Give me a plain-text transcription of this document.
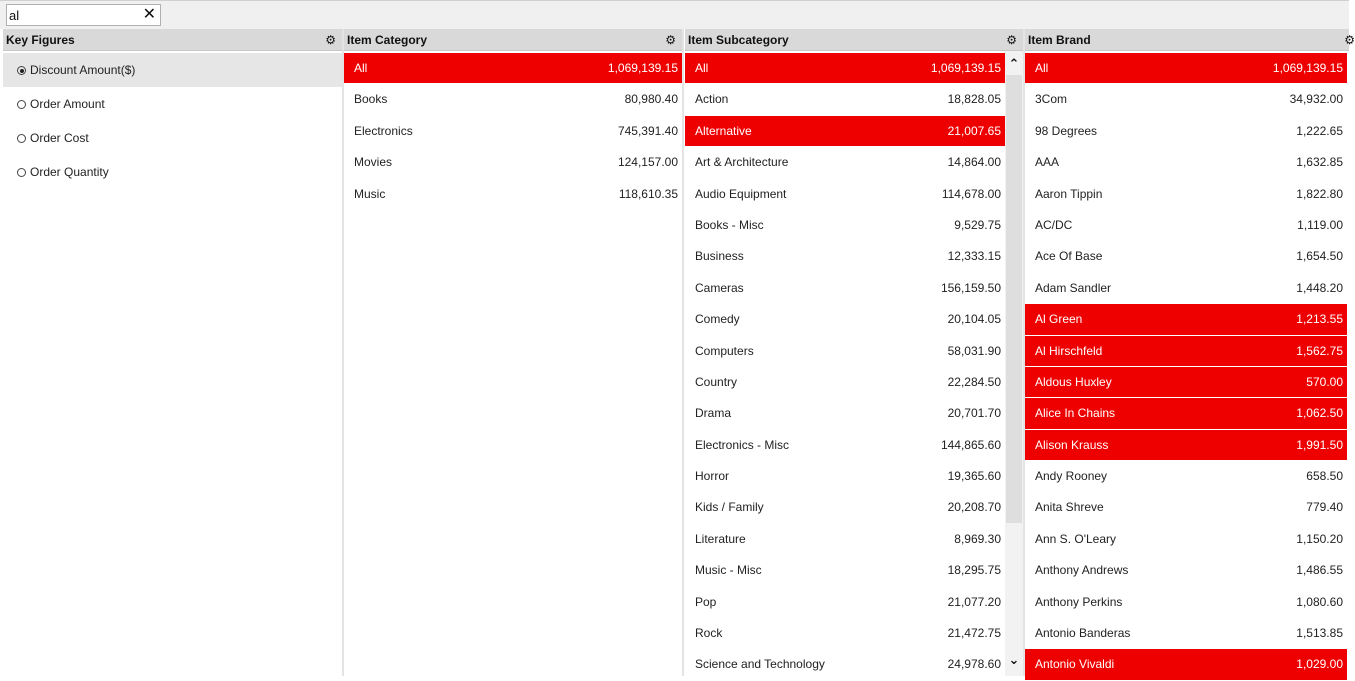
al
✕
Key Figures	⚙
Discount Amount($)
Order Amount
Order Cost
Order Quantity
Item Category	⚙
All	1,069,139.15
Books	80,980.40
Electronics	745,391.40
Movies	124,157.00
Music	118,610.35
Item Subcategory	⚙
All	1,069,139.15
Action	18,828.05
Alternative	21,007.65
Art & Architecture	14,864.00
Audio Equipment	114,678.00
Books - Misc	9,529.75
Business	12,333.15
Cameras	156,159.50
Comedy	20,104.05
Computers	58,031.90
Country	22,284.50
Drama	20,701.70
Electronics - Misc	144,865.60
Horror	19,365.60
Kids / Family	20,208.70
Literature	8,969.30
Music - Misc	18,295.75
Pop	21,077.20
Rock	21,472.75
Science and Technology	24,978.60
⌃
⌄
Item Brand	⚙
All	1,069,139.15
3Com	34,932.00
98 Degrees	1,222.65
AAA	1,632.85
Aaron Tippin	1,822.80
AC/DC	1,119.00
Ace Of Base	1,654.50
Adam Sandler	1,448.20
Al Green	1,213.55
Al Hirschfeld	1,562.75
Aldous Huxley	570.00
Alice In Chains	1,062.50
Alison Krauss	1,991.50
Andy Rooney	658.50
Anita Shreve	779.40
Ann S. O'Leary	1,150.20
Anthony Andrews	1,486.55
Anthony Perkins	1,080.60
Antonio Banderas	1,513.85
Antonio Vivaldi	1,029.00
